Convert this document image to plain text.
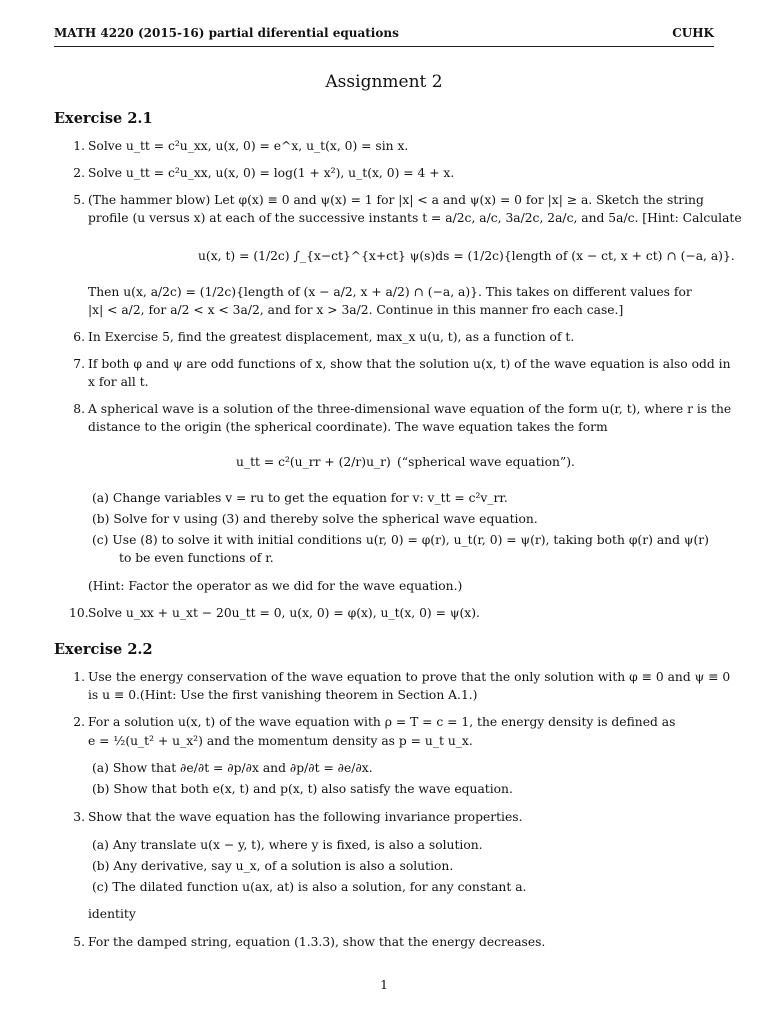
MATH 4220 (2015-16) partial diferential equations	CUHK
Assignment 2
Exercise 2.1
1. Solve u_tt = c²u_xx, u(x, 0) = e^x, u_t(x, 0) = sin x.
2. Solve u_tt = c²u_xx, u(x, 0) = log(1 + x²), u_t(x, 0) = 4 + x.
5. (The hammer blow) Let φ(x) ≡ 0 and ψ(x) = 1 for |x| < a and ψ(x) = 0 for |x| ≥ a. Sketch the string
profile (u versus x) at each of the successive instants t = a/2c, a/c, 3a/2c, 2a/c, and 5a/c. [Hint: Calculate
u(x, t) = (1/2c) ∫_{x−ct}^{x+ct} ψ(s)ds = (1/2c){length of (x − ct, x + ct) ∩ (−a, a)}.
Then u(x, a/2c) = (1/2c){length of (x − a/2, x + a/2) ∩ (−a, a)}. This takes on different values for
|x| < a/2, for a/2 < x < 3a/2, and for x > 3a/2. Continue in this manner fro each case.]
6. In Exercise 5, find the greatest displacement, max_x u(u, t), as a function of t.
7. If both φ and ψ are odd functions of x, show that the solution u(x, t) of the wave equation is also odd in
x for all t.
8. A spherical wave is a solution of the three-dimensional wave equation of the form u(r, t), where r is the
distance to the origin (the spherical coordinate). The wave equation takes the form
u_tt = c²(u_rr + (2/r)u_r) (“spherical wave equation”).
(a) Change variables v = ru to get the equation for v: v_tt = c²v_rr.
(b) Solve for v using (3) and thereby solve the spherical wave equation.
(c) Use (8) to solve it with initial conditions u(r, 0) = φ(r), u_t(r, 0) = ψ(r), taking both φ(r) and ψ(r)
to be even functions of r.
(Hint: Factor the operator as we did for the wave equation.)
10. Solve u_xx + u_xt − 20u_tt = 0, u(x, 0) = φ(x), u_t(x, 0) = ψ(x).
Exercise 2.2
1. Use the energy conservation of the wave equation to prove that the only solution with φ ≡ 0 and ψ ≡ 0
is u ≡ 0.(Hint: Use the first vanishing theorem in Section A.1.)
2. For a solution u(x, t) of the wave equation with ρ = T = c = 1, the energy density is defined as
e = ½(u_t² + u_x²) and the momentum density as p = u_t u_x.
(a) Show that ∂e/∂t = ∂p/∂x and ∂p/∂t = ∂e/∂x.
(b) Show that both e(x, t) and p(x, t) also satisfy the wave equation.
3. Show that the wave equation has the following invariance properties.
(a) Any translate u(x − y, t), where y is fixed, is also a solution.
(b) Any derivative, say u_x, of a solution is also a solution.
(c) The dilated function u(ax, at) is also a solution, for any constant a.
identity
5. For the damped string, equation (1.3.3), show that the energy decreases.
1
